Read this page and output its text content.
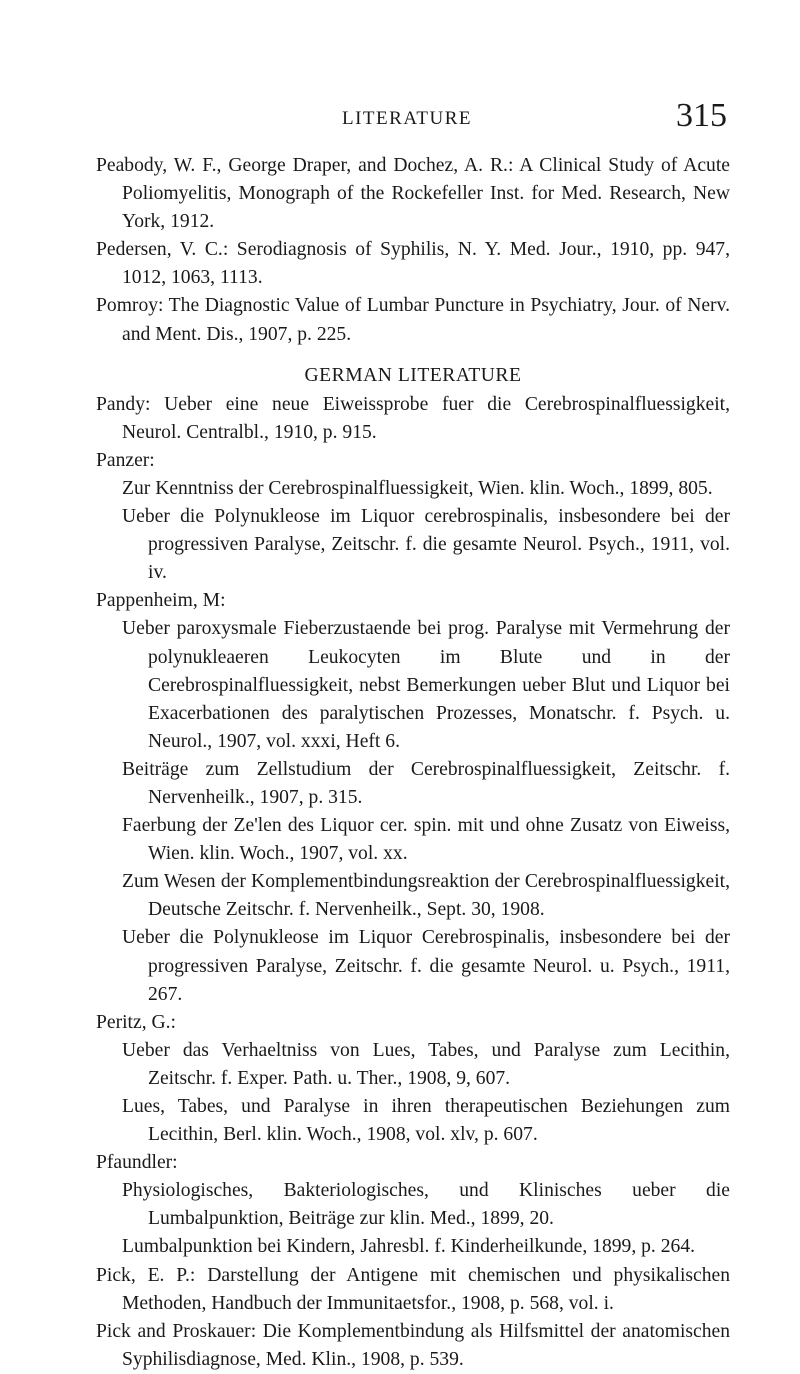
LITERATURE	315

Peabody, W. F., George Draper, and Dochez, A. R.: A Clinical Study of Acute Poliomyelitis, Monograph of the Rockefeller Inst. for Med. Research, New York, 1912.

Pedersen, V. C.: Serodiagnosis of Syphilis, N. Y. Med. Jour., 1910, pp. 947, 1012, 1063, 1113.

Pomroy: The Diagnostic Value of Lumbar Puncture in Psychiatry, Jour. of Nerv. and Ment. Dis., 1907, p. 225.

GERMAN LITERATURE

Pandy: Ueber eine neue Eiweissprobe fuer die Cerebrospinalfluessigkeit, Neurol. Centralbl., 1910, p. 915.

Panzer:

Zur Kenntniss der Cerebrospinalfluessigkeit, Wien. klin. Woch., 1899, 805.

Ueber die Polynukleose im Liquor cerebrospinalis, insbesondere bei der progressiven Paralyse, Zeitschr. f. die gesamte Neurol. Psych., 1911, vol. iv.

Pappenheim, M:

Ueber paroxysmale Fieberzustaende bei prog. Paralyse mit Vermehrung der polynukleaeren Leukocyten im Blute und in der Cerebrospinalfluessigkeit, nebst Bemerkungen ueber Blut und Liquor bei Exacerbationen des paralytischen Prozesses, Monatschr. f. Psych. u. Neurol., 1907, vol. xxxi, Heft 6.

Beiträge zum Zellstudium der Cerebrospinalfluessigkeit, Zeitschr. f. Nervenheilk., 1907, p. 315.

Faerbung der Ze'len des Liquor cer. spin. mit und ohne Zusatz von Eiweiss, Wien. klin. Woch., 1907, vol. xx.

Zum Wesen der Komplementbindungsreaktion der Cerebrospinalfluessigkeit, Deutsche Zeitschr. f. Nervenheilk., Sept. 30, 1908.

Ueber die Polynukleose im Liquor Cerebrospinalis, insbesondere bei der progressiven Paralyse, Zeitschr. f. die gesamte Neurol. u. Psych., 1911, 267.

Peritz, G.:

Ueber das Verhaeltniss von Lues, Tabes, und Paralyse zum Lecithin, Zeitschr. f. Exper. Path. u. Ther., 1908, 9, 607.

Lues, Tabes, und Paralyse in ihren therapeutischen Beziehungen zum Lecithin, Berl. klin. Woch., 1908, vol. xlv, p. 607.

Pfaundler:

Physiologisches, Bakteriologisches, und Klinisches ueber die Lumbalpunktion, Beiträge zur klin. Med., 1899, 20.

Lumbalpunktion bei Kindern, Jahresbl. f. Kinderheilkunde, 1899, p. 264.

Pick, E. P.: Darstellung der Antigene mit chemischen und physikalischen Methoden, Handbuch der Immunitaetsfor., 1908, p. 568, vol. i.

Pick and Proskauer: Die Komplementbindung als Hilfsmittel der anatomischen Syphilisdiagnose, Med. Klin., 1908, p. 539.
